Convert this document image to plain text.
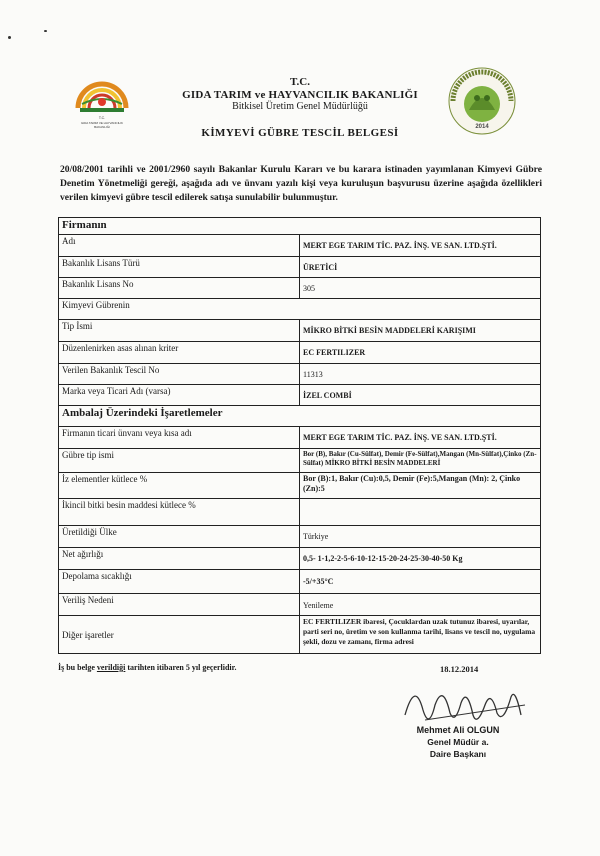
T.C.
GIDA TARIM VE HAYVANCILIK
BAKANLIĞI	2014
T.C.
GIDA TARIM ve HAYVANCILIK BAKANLIĞI
Bitkisel Üretim Genel Müdürlüğü
KİMYEVİ GÜBRE TESCİL BELGESİ
20/08/2001 tarihli ve 2001/2960 sayılı Bakanlar Kurulu Kararı ve bu karara istinaden yayımlanan Kimyevi Gübre Denetim Yönetmeliği gereği, aşağıda adı ve ünvanı yazılı kişi veya kuruluşun başvurusu üzerine aşağıda özellikleri verilen kimyevi gübre tescil edilerek satışa sunulabilir bulunmuştur.
Firmanın	
Adı	MERT EGE TARIM TİC. PAZ. İNŞ. VE SAN. LTD.ŞTİ.
Bakanlık Lisans Türü	ÜRETİCİ
Bakanlık Lisans No	305
Kimyevi Gübrenin	
Tip İsmi	MİKRO BİTKİ BESİN MADDELERİ KARIŞIMI
Düzenlenirken asas alınan kriter	EC FERTILIZER
Verilen Bakanlık Tescil No	11313
Marka veya Ticari Adı (varsa)	İZEL COMBİ
Ambalaj Üzerindeki İşaretlemeler	
Firmanın ticari ünvanı veya kısa adı	MERT EGE TARIM TİC. PAZ. İNŞ. VE SAN. LTD.ŞTİ.
Gübre tip ismi	Bor (B), Bakır (Cu-Sülfat), Demir (Fe-Sülfat),Mangan (Mn-Sülfat),Çinko (Zn-Sülfat) MİKRO BİTKİ BESİN MADDELERİ
İz elementler kütlece %	Bor (B):1, Bakır (Cu):0,5, Demir (Fe):5,Mangan (Mn): 2, Çinko (Zn):5
İkincil bitki besin maddesi kütlece %	
Üretildiği Ülke	Türkiye
Net ağırlığı	0,5- 1-1,2-2-5-6-10-12-15-20-24-25-30-40-50 Kg
Depolama sıcaklığı	-5/+35°C
Veriliş Nedeni	Yenileme
Diğer işaretler	EC FERTILIZER ibaresi, Çocuklardan uzak tutunuz ibaresi, uyarılar, parti seri no, üretim ve son kullanma tarihi, lisans ve tescil no, uygulama şekli, dozu ve zamanı, firma adresi
İş bu belge verildiği tarihten itibaren 5 yıl geçerlidir.	18.12.2014
Mehmet Ali OLGUN
Genel Müdür a.
Daire Başkanı
